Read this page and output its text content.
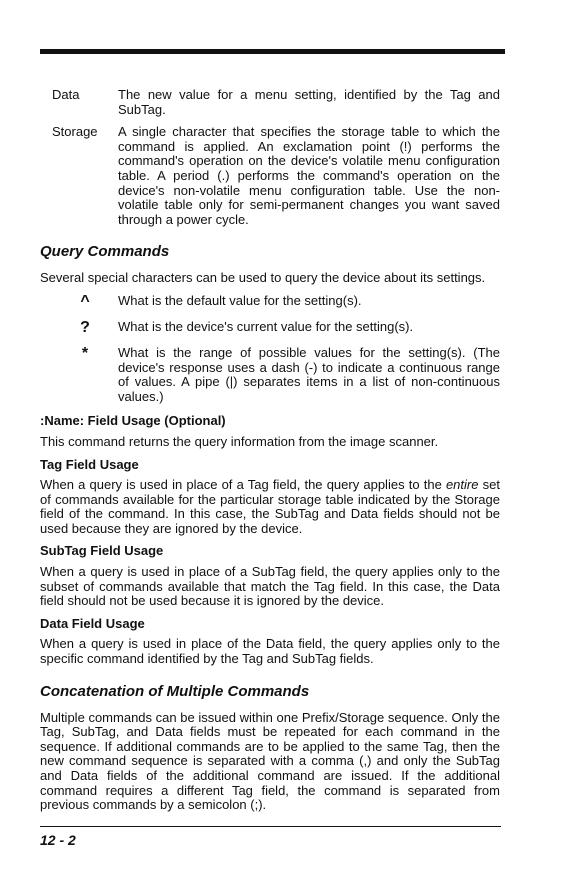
Data	The new value for a menu setting, identified by the Tag and SubTag.
Storage	A single character that specifies the storage table to which the command is applied. An exclamation point (!) performs the command's operation on the device's volatile menu configuration table. A period (.) performs the command's operation on the device's non-volatile menu configuration table. Use the non-volatile table only for semi-permanent changes you want saved through a power cycle.
Query Commands

Several special characters can be used to query the device about its settings.

^	What is the default value for the setting(s).
?	What is the device's current value for the setting(s).
*	What is the range of possible values for the setting(s). (The device's response uses a dash (-) to indicate a continuous range of values. A pipe (|) separates items in a list of non-continuous values.)
:Name: Field Usage (Optional)

This command returns the query information from the image scanner.

Tag Field Usage

When a query is used in place of a Tag field, the query applies to the entire set of commands available for the particular storage table indicated by the Storage field of the command. In this case, the SubTag and Data fields should not be used because they are ignored by the device.

SubTag Field Usage

When a query is used in place of a SubTag field, the query applies only to the subset of commands available that match the Tag field. In this case, the Data field should not be used because it is ignored by the device.

Data Field Usage

When a query is used in place of the Data field, the query applies only to the specific command identified by the Tag and SubTag fields.

Concatenation of Multiple Commands

Multiple commands can be issued within one Prefix/Storage sequence. Only the Tag, SubTag, and Data fields must be repeated for each command in the sequence. If additional commands are to be applied to the same Tag, then the new command sequence is separated with a comma (,) and only the SubTag and Data fields of the additional command are issued. If the additional command requires a different Tag field, the command is separated from previous commands by a semicolon (;).

12 - 2
